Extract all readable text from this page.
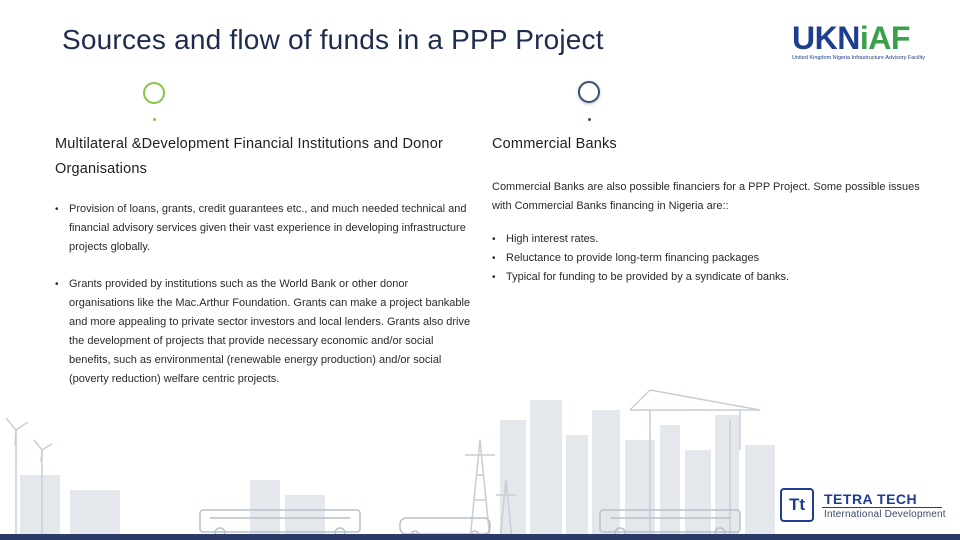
Sources and flow of funds in a PPP Project	UKNiAF
United Kingdom Nigeria Infrastructure Advisory Facility
Multilateral &Development Financial Institutions and Donor Organisations
• Provision of loans, grants, credit guarantees etc., and much needed technical and financial advisory services given their vast experience in developing infrastructure projects globally.
• Grants provided by institutions such as the World Bank or other donor organisations like the Mac.Arthur Foundation. Grants can make a project bankable and more appealing to private sector investors and local lenders. Grants also drive the development of projects that provide necessary economic and/or social benefits, such as environmental (renewable energy production) and/or social (poverty reduction) welfare centric projects.
Commercial Banks
Commercial Banks are also possible financiers for a PPP Project. Some possible issues with Commercial Banks financing in Nigeria are::
• High interest rates.
• Reluctance to provide long-term financing packages
• Typical for funding to be provided by a syndicate of banks.
Tt	TETRA TECH
International Development
